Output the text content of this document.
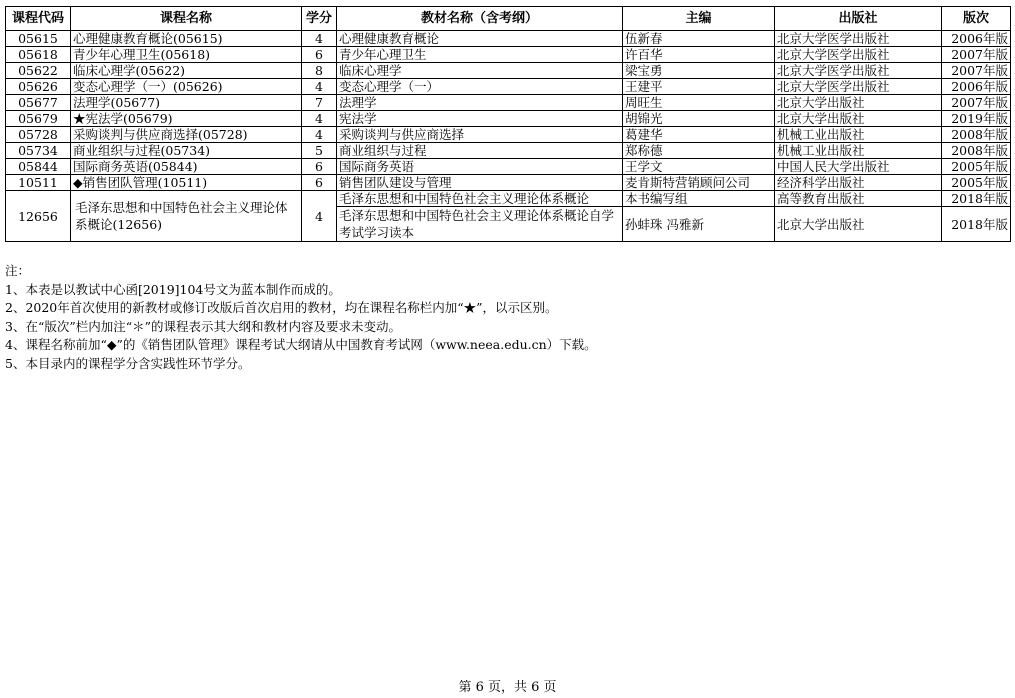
课程代码	课程名称	学分	教材名称（含考纲）	主编	出版社	版次
05615	心理健康教育概论(05615)	4	心理健康教育概论	伍新春	北京大学医学出版社	2006年版
05618	青少年心理卫生(05618)	6	青少年心理卫生	许百华	北京大学医学出版社	2007年版
05622	临床心理学(05622)	8	临床心理学	梁宝勇	北京大学医学出版社	2007年版
05626	变态心理学（一）(05626)	4	变态心理学（一）	王建平	北京大学医学出版社	2006年版
05677	法理学(05677)	7	法理学	周旺生	北京大学出版社	2007年版
05679	★宪法学(05679)	4	宪法学	胡锦光	北京大学出版社	2019年版
05728	采购谈判与供应商选择(05728)	4	采购谈判与供应商选择	葛建华	机械工业出版社	2008年版
05734	商业组织与过程(05734)	5	商业组织与过程	郑称德	机械工业出版社	2008年版
05844	国际商务英语(05844)	6	国际商务英语	王学文	中国人民大学出版社	2005年版
10511	◆销售团队管理(10511)	6	销售团队建设与管理	麦肯斯特营销顾问公司	经济科学出版社	2005年版
12656	毛泽东思想和中国特色社会主义理论体系概论(12656)	4	毛泽东思想和中国特色社会主义理论体系概论	本书编写组	高等教育出版社	2018年版
			毛泽东思想和中国特色社会主义理论体系概论自学考试学习读本	孙蚌珠 冯雅新	北京大学出版社	2018年版
注：
1、本表是以教试中心函[2019]104号文为蓝本制作而成的。
2、2020年首次使用的新教材或修订改版后首次启用的教材，均在课程名称栏内加“★”，以示区别。
3、在“版次”栏内加注“＊”的课程表示其大纲和教材内容及要求未变动。
4、课程名称前加“◆”的《销售团队管理》课程考试大纲请从中国教育考试网（www.neea.edu.cn）下载。
5、本目录内的课程学分含实践性环节学分。
第 6 页，共 6 页
